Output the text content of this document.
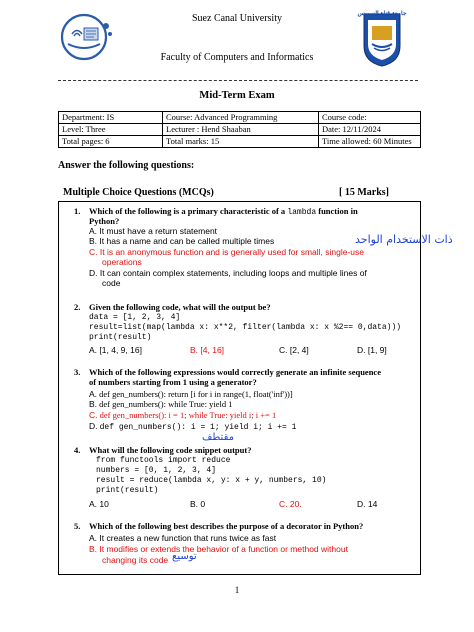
Suez Canal University
Faculty of Computers and Informatics
جامعة قناة السويس
Mid-Term Exam
Department: IS	Course: Advanced Programming	Course code:
Level: Three	Lecturer : Hend Shaaban	Date: 12/11/2024
Total pages: 6	Total marks: 15	Time allowed: 60 Minutes
Answer the following questions:
Multiple Choice Questions (MCQs)	[ 15 Marks]
1. Which of the following is a primary characteristic of a lambda function in
Python?
A. It must have a return statement
B. It has a name and can be called multiple times
C. It is an anonymous function and is generally used for small, single-use
operations
D. It can contain complex statements, including loops and multiple lines of
code
ذات الاستخدام الواحد
2. Given the following code, what will the output be?
data = [1, 2, 3, 4]
result=list(map(lambda x: x**2, filter(lambda x: x %2== 0,data)))
print(result)
A. [1, 4, 9, 16]	B. [4, 16]	C. [2, 4]	D. [1, 9]
3. Which of the following expressions would correctly generate an infinite sequence
of numbers starting from 1 using a generator?
A. def gen_numbers(): return [i for i in range(1, float('inf'))]
B. def gen_numbers(): while True: yield 1
C. def gen_numbers(): i = 1; while True: yield i; i += 1
D. def gen_numbers(): i = 1; yield i; i += 1
مقتطف
4. What will the following code snippet output?
from functools import reduce
numbers = [0, 1, 2, 3, 4]
result = reduce(lambda x, y: x + y, numbers, 10)
print(result)
A. 10	B. 0	C. 20.	D. 14
5. Which of the following best describes the purpose of a decorator in Python?
A. It creates a new function that runs twice as fast
B. It modifies or extends the behavior of a function or method without
changing its code توسيع
1
